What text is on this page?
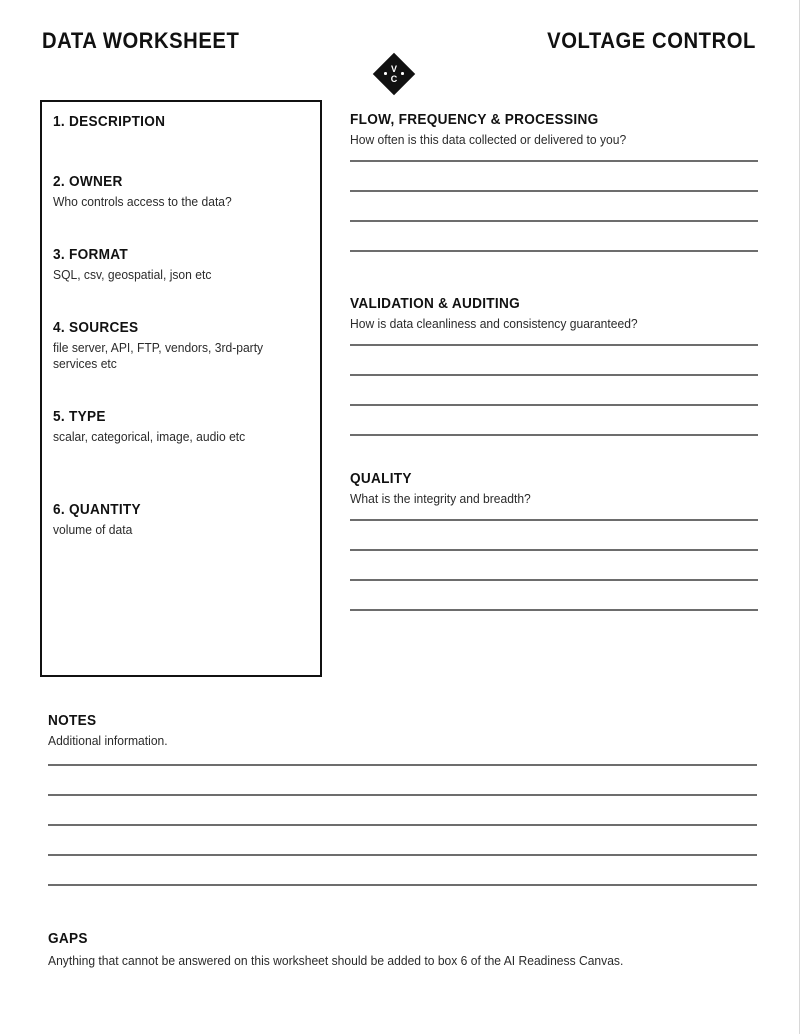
DATA WORKSHEET
V
C
VOLTAGE CONTROL
1. DESCRIPTION
2. OWNER
Who controls access to the data?
3. FORMAT
SQL, csv, geospatial, json etc
4. SOURCES
file server, API, FTP, vendors, 3rd-party services etc
5. TYPE
scalar, categorical, image, audio etc
6. QUANTITY
volume of data
FLOW, FREQUENCY & PROCESSING
How often is this data collected or delivered to you?
VALIDATION & AUDITING
How is data cleanliness and consistency guaranteed?
QUALITY
What is the integrity and breadth?
NOTES
Additional information.
GAPS
Anything that cannot be answered on this worksheet should be added to box 6 of the AI Readiness Canvas.
